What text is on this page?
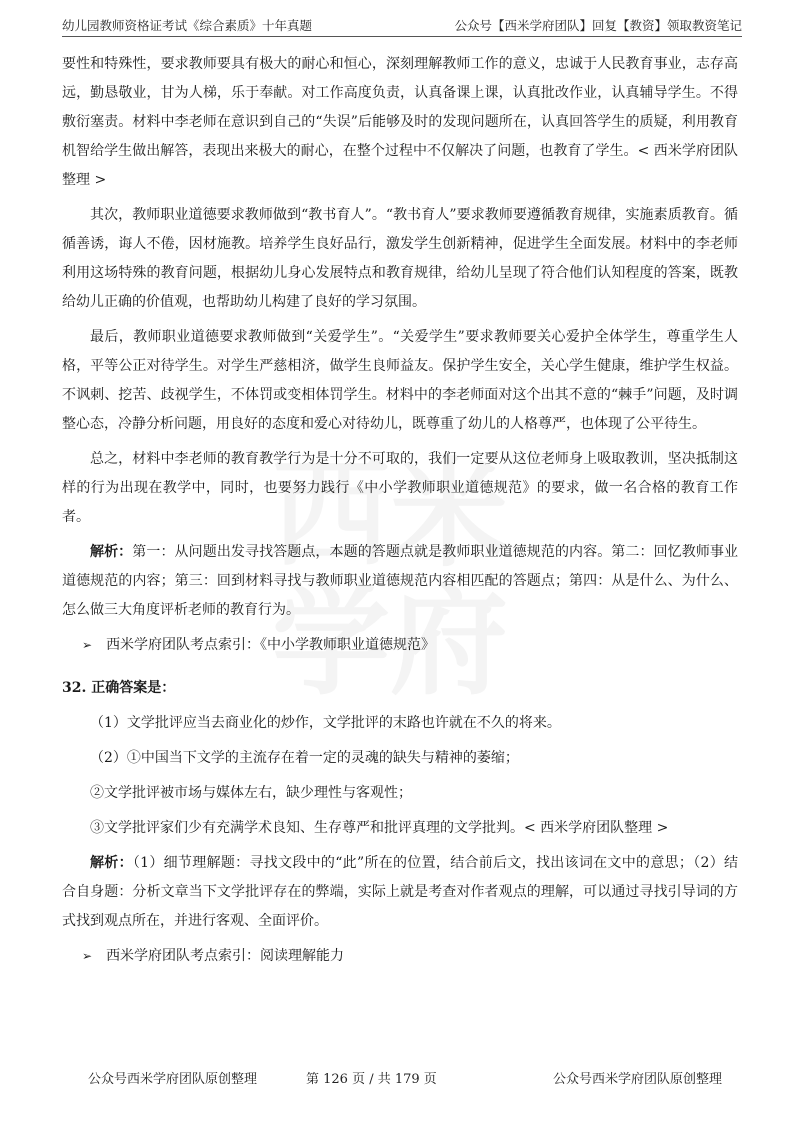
幼儿园教师资格证考试《综合素质》十年真题	公众号【西米学府团队】回复【教资】领取教资笔记

要性和特殊性，要求教师要具有极大的耐心和恒心，深刻理解教师工作的意义，忠诚于人民教育事业，志存高远，勤恳敬业，甘为人梯，乐于奉献。对工作高度负责，认真备课上课，认真批改作业，认真辅导学生。不得敷衍塞责。材料中李老师在意识到自己的“失误”后能够及时的发现问题所在，认真回答学生的质疑，利用教育机智给学生做出解答，表现出来极大的耐心，在整个过程中不仅解决了问题，也教育了学生。< 西米学府团队整理 >

其次，教师职业道德要求教师做到“教书育人”。“教书育人”要求教师要遵循教育规律，实施素质教育。循循善诱，诲人不倦，因材施教。培养学生良好品行，激发学生创新精神，促进学生全面发展。材料中的李老师利用这场特殊的教育问题，根据幼儿身心发展特点和教育规律，给幼儿呈现了符合他们认知程度的答案，既教给幼儿正确的价值观，也帮助幼儿构建了良好的学习氛围。

最后，教师职业道德要求教师做到“关爱学生”。“关爱学生”要求教师要关心爱护全体学生，尊重学生人格，平等公正对待学生。对学生严慈相济，做学生良师益友。保护学生安全，关心学生健康，维护学生权益。不讽刺、挖苦、歧视学生，不体罚或变相体罚学生。材料中的李老师面对这个出其不意的“棘手”问题，及时调整心态，冷静分析问题，用良好的态度和爱心对待幼儿，既尊重了幼儿的人格尊严，也体现了公平待生。

总之，材料中李老师的教育教学行为是十分不可取的，我们一定要从这位老师身上吸取教训，坚决抵制这样的行为出现在教学中，同时，也要努力践行《中小学教师职业道德规范》的要求，做一名合格的教育工作者。

解析：第一：从问题出发寻找答题点，本题的答题点就是教师职业道德规范的内容。第二：回忆教师事业道德规范的内容；第三：回到材料寻找与教师职业道德规范内容相匹配的答题点；第四：从是什么、为什么、怎么做三大角度评析老师的教育行为。

➢ 西米学府团队考点索引：《中小学教师职业道德规范》

32. 正确答案是：

（1）文学批评应当去商业化的炒作，文学批评的末路也许就在不久的将来。

（2）①中国当下文学的主流存在着一定的灵魂的缺失与精神的萎缩；

②文学批评被市场与媒体左右，缺少理性与客观性；

③文学批评家们少有充满学术良知、生存尊严和批评真理的文学批判。< 西米学府团队整理 >

解析：（1）细节理解题：寻找文段中的“此”所在的位置，结合前后文，找出该词在文中的意思；（2）结合自身题：分析文章当下文学批评存在的弊端，实际上就是考查对作者观点的理解，可以通过寻找引导词的方式找到观点所在，并进行客观、全面评价。

➢ 西米学府团队考点索引：阅读理解能力

公众号西米学府团队原创整理	第 126 页 / 共 179 页	公众号西米学府团队原创整理
